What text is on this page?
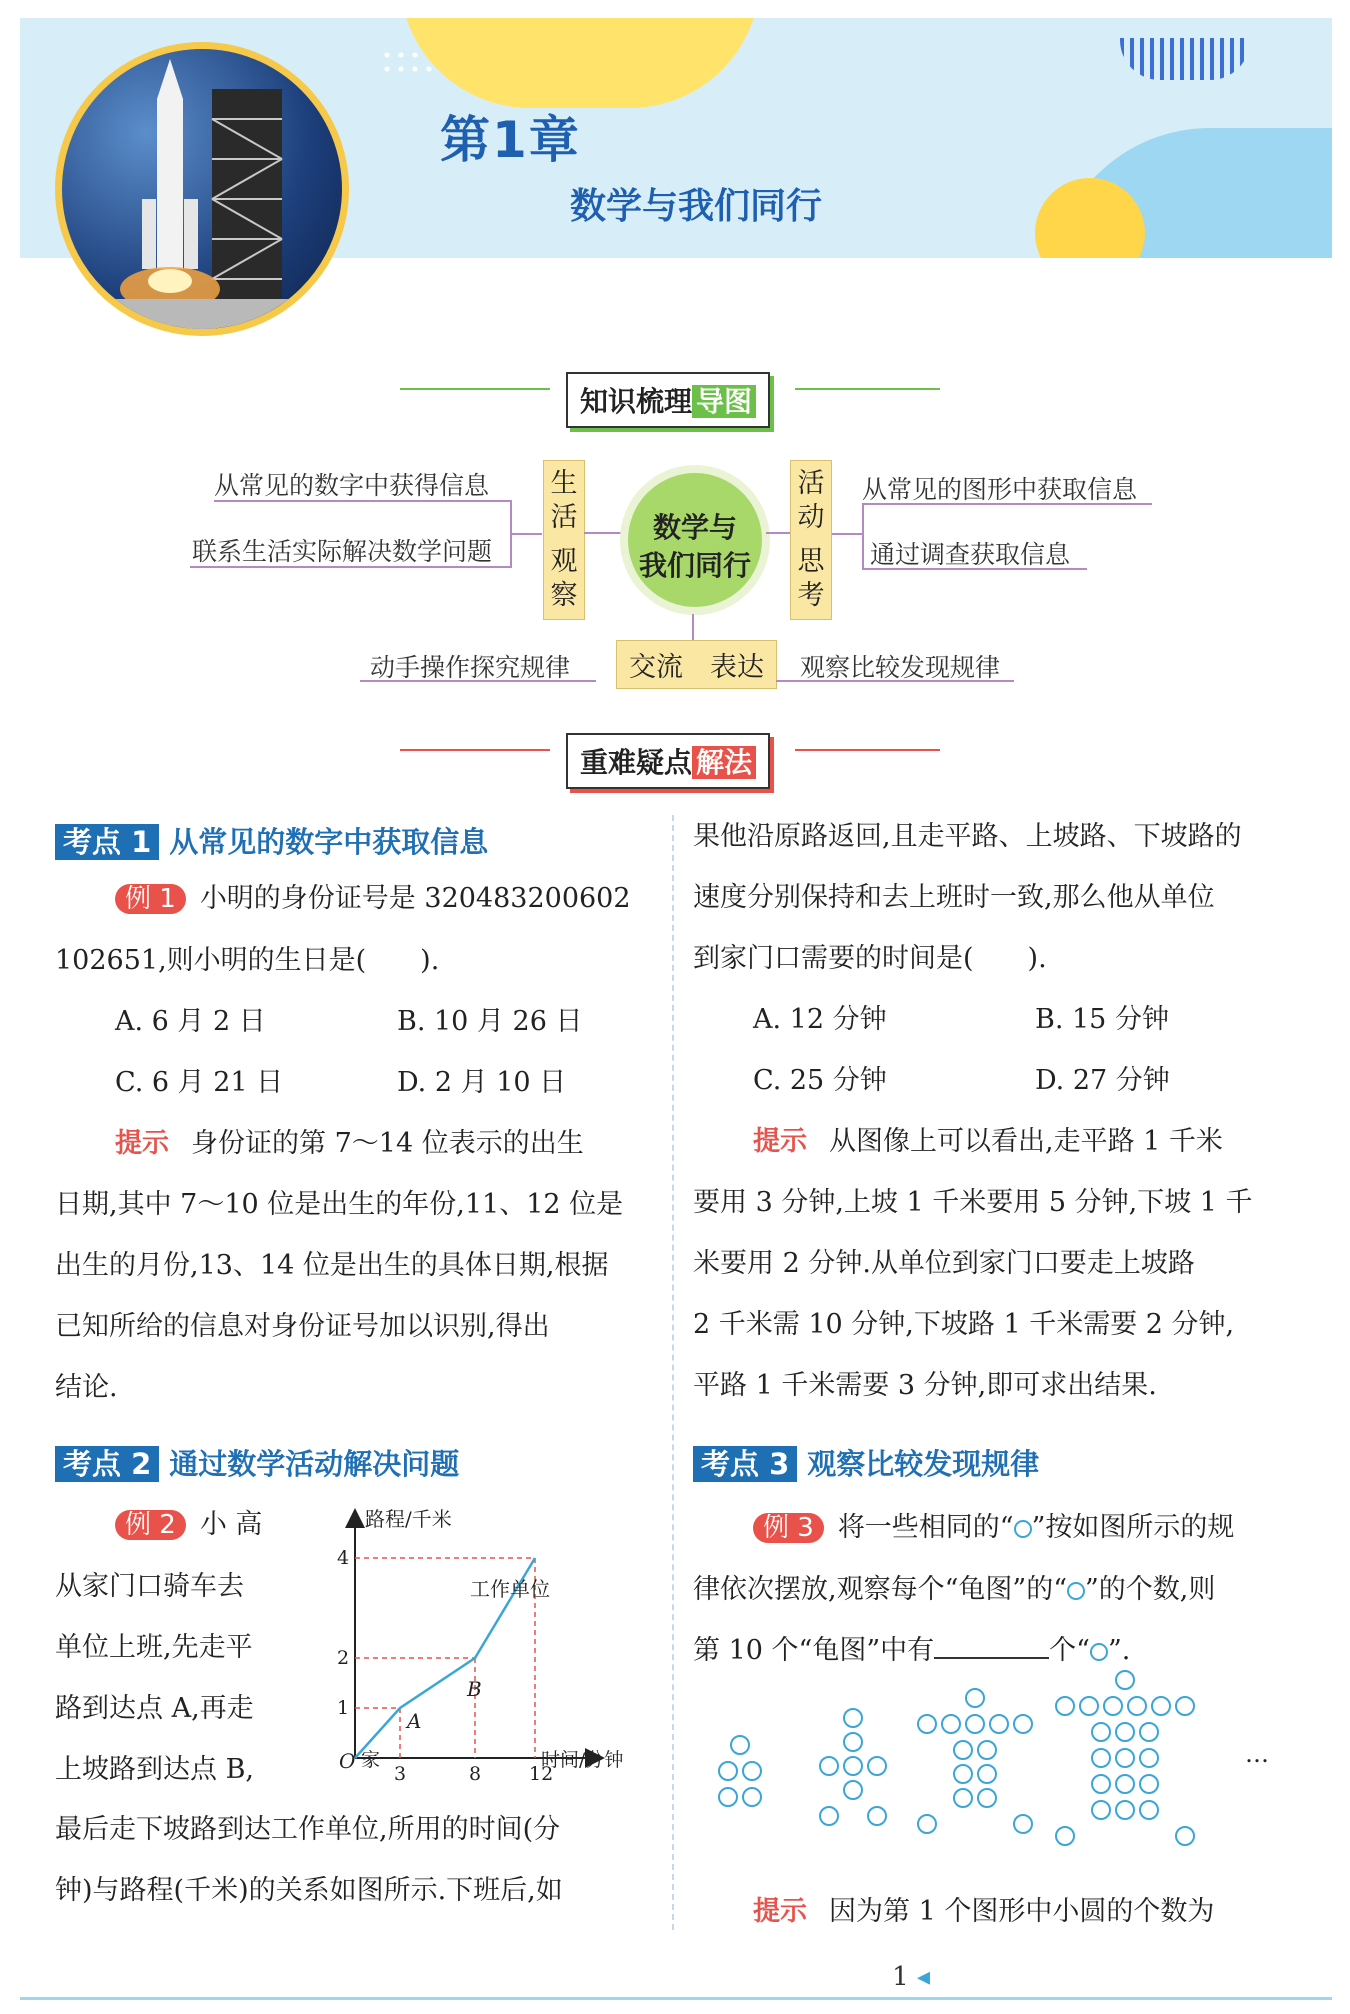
第1章
数学与我们同行
知识梳理 导图
从常见的数字中获得信息
联系生活实际解决数学问题
生
活
观
察
数学与
我们同行
活
动
思
考
从常见的图形中获取信息
通过调查获取信息
交流　表达
动手操作探究规律	观察比较发现规律
重难疑点 解法
考点 1 从常见的数字中获取信息
例 1 小明的身份证号是 320483200602
102651,则小明的生日是(　　).
A. 6 月 2 日	B. 10 月 26 日
C. 6 月 21 日	D. 2 月 10 日
提示 身份证的第 7～14 位表示的出生
日期,其中 7～10 位是出生的年份,11、12 位是
出生的月份,13、14 位是出生的具体日期,根据
已知所给的信息对身份证号加以识别,得出
结论.
考点 2 通过数学活动解决问题
例 2 小 高
从家门口骑车去
单位上班,先走平
路到达点 A,再走
上坡路到达点 B,
最后走下坡路到达工作单位,所用的时间(分
钟)与路程(千米)的关系如图所示.下班后,如
3	8	12
1
2
4
路程/千米
时间/分钟
O 家
工作单位
A
B
果他沿原路返回,且走平路、上坡路、下坡路的
速度分别保持和去上班时一致,那么他从单位
到家门口需要的时间是(　　).
A. 12 分钟	B. 15 分钟
C. 25 分钟	D. 27 分钟
提示 从图像上可以看出,走平路 1 千米
要用 3 分钟,上坡 1 千米要用 5 分钟,下坡 1 千
米要用 2 分钟.从单位到家门口要走上坡路
2 千米需 10 分钟,下坡路 1 千米需要 2 分钟,
平路 1 千米需要 3 分钟,即可求出结果.
考点 3 观察比较发现规律
例 3 将一些相同的“ ”按如图所示的规
律依次摆放,观察每个“龟图”的“ ”的个数,则
第 10 个“龟图”中有	个“ ”.
…
提示 因为第 1 个图形中小圆的个数为
1 ◂
